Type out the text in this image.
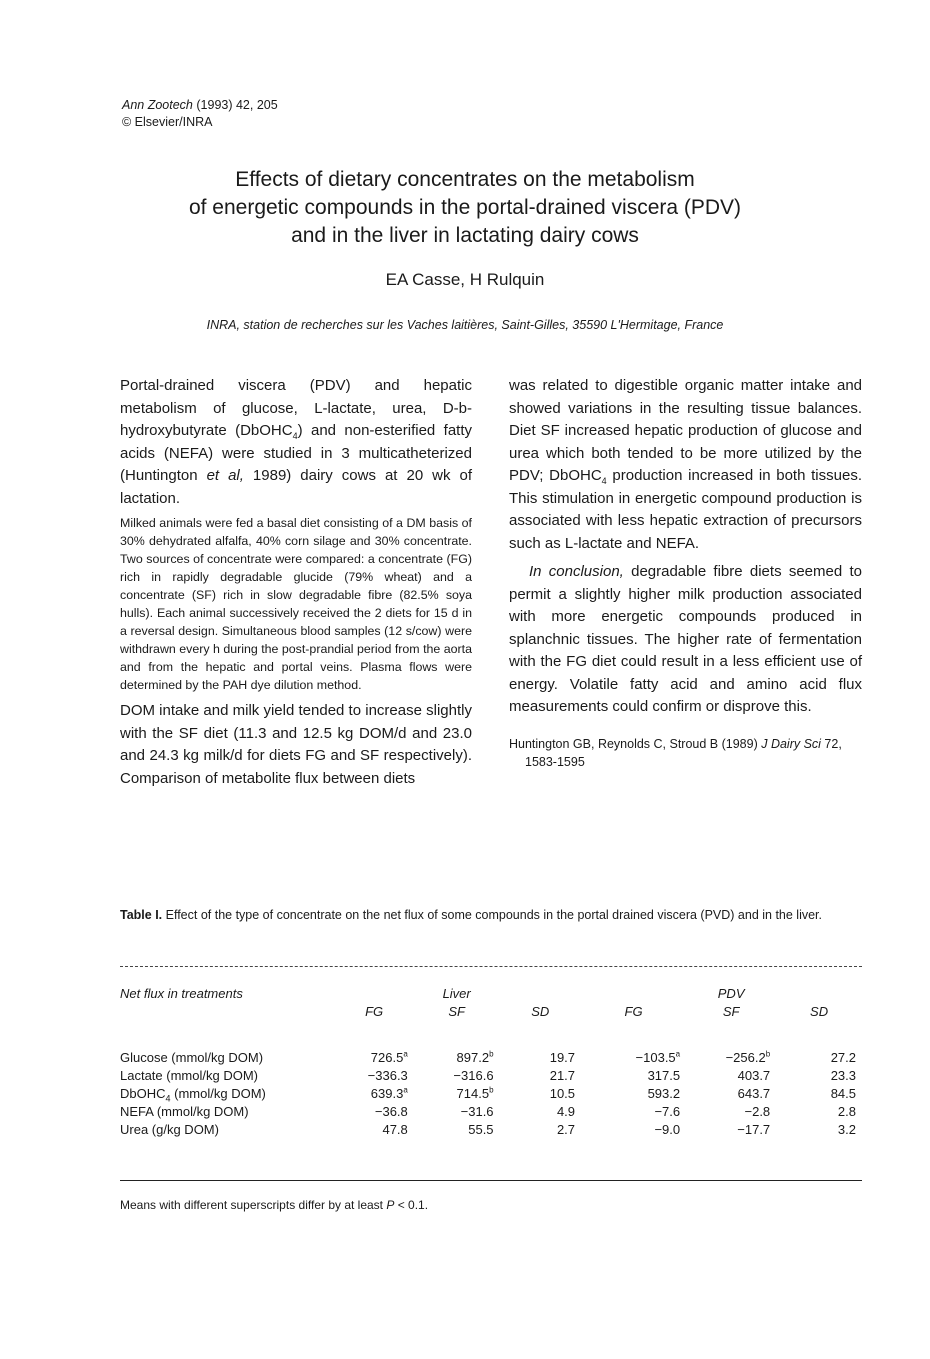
Ann Zootech (1993) 42, 205
© Elsevier/INRA
Effects of dietary concentrates on the metabolism
of energetic compounds in the portal-drained viscera (PDV)
and in the liver in lactating dairy cows
EA Casse, H Rulquin
INRA, station de recherches sur les Vaches laitières, Saint-Gilles, 35590 L'Hermitage, France

Portal-drained viscera (PDV) and hepatic metabolism of glucose, L-lactate, urea, D-b-hydroxybutyrate (DbOHC$_4$) and non-esterified fatty acids (NEFA) were studied in 3 multicatheterized (Huntington et al, 1989) dairy cows at 20 wk of lactation.

Milked animals were fed a basal diet consisting of a DM basis of 30% dehydrated alfalfa, 40% corn silage and 30% concentrate. Two sources of concentrate were compared: a concentrate (FG) rich in rapidly degradable glucide (79% wheat) and a concentrate (SF) rich in slow degradable fibre (82.5% soya hulls). Each animal successively received the 2 diets for 15 d in a reversal design. Simultaneous blood samples (12 s/cow) were withdrawn every h during the post-prandial period from the aorta and from the hepatic and portal veins. Plasma flows were determined by the PAH dye dilution method.

DOM intake and milk yield tended to increase slightly with the SF diet (11.3 and 12.5 kg DOM/d and 23.0 and 24.3 kg milk/d for diets FG and SF respectively). Comparison of metabolite flux between diets

was related to digestible organic matter intake and showed variations in the resulting tissue balances. Diet SF increased hepatic production of glucose and urea which both tended to be more utilized by the PDV; DbOHC$_4$ production increased in both tissues. This stimulation in energetic compound production is associated with less hepatic extraction of precursors such as L-lactate and NEFA.

In conclusion, degradable fibre diets seemed to permit a slightly higher milk production associated with more energetic compounds produced in splanchnic tissues. The higher rate of fermentation with the FG diet could result in a less efficient use of energy. Volatile fatty acid and amino acid flux measurements could confirm or disprove this.

Huntington GB, Reynolds C, Stroud B (1989) J Dairy Sci 72, 1583-1595

Table I. Effect of the type of concentrate on the net flux of some compounds in the portal drained viscera (PVD) and in the liver.
Net flux in treatments		Liver			PDV	
	FG	SF	SD	FG	SF	SD

Glucose (mmol/kg DOM)	726.5$^a$	897.2$^b$	19.7	−103.5$^a$	−256.2$^b$	27.2
Lactate (mmol/kg DOM)	−336.3	−316.6	21.7	317.5	403.7	23.3
DbOHC$_4$ (mmol/kg DOM)	639.3$^a$	714.5$^b$	10.5	593.2	643.7	84.5
NEFA (mmol/kg DOM)	−36.8	−31.6	4.9	−7.6	−2.8	2.8
Urea (g/kg DOM)	47.8	55.5	2.7	−9.0	−17.7	3.2
Means with different superscripts differ by at least P < 0.1.
